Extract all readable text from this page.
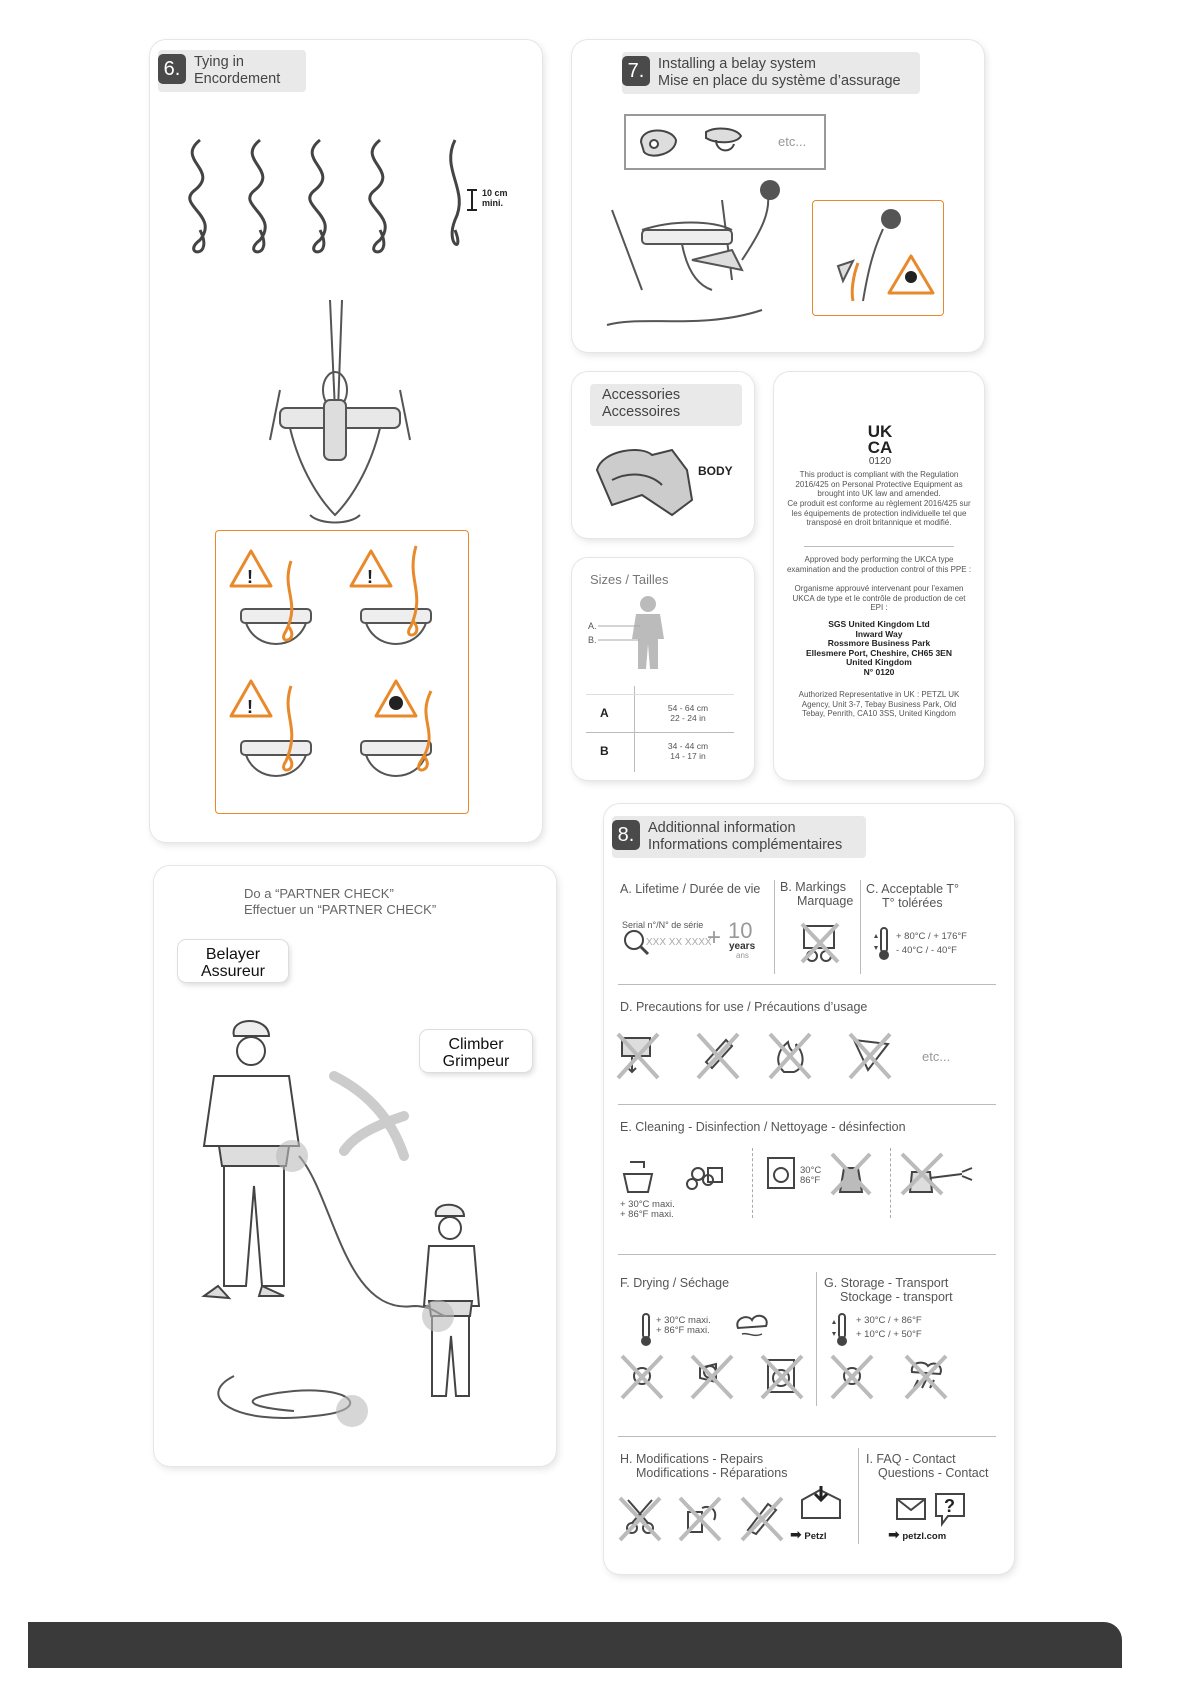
6. Tying in
Encordement
10 cm
mini.
!	!
!
7. Installing a belay system
Mise en place du système d’assurage
etc...
Accessories
Accessoires
BODY
Sizes / Tailles
A.
B.
A	54 - 64 cm
22 - 24 in
B	34 - 44 cm
14 - 17 in
UK
CA
0120
This product is compliant with the Regulation 2016/425 on Personal Protective Equipment as brought into UK law and amended.
Ce produit est conforme au règlement 2016/425 sur les équipements de protection individuelle tel que transposé en droit britannique et modifié.
Approved body performing the UKCA type examination and the production control of this PPE :
Organisme approuvé intervenant pour l’examen UKCA de type et le contrôle de production de cet EPI :
SGS United Kingdom Ltd
Inward Way
Rossmore Business Park
Ellesmere Port, Cheshire, CH65 3EN
United Kingdom
N° 0120
Authorized Representative in UK : PETZL UK Agency, Unit 3-7, Tebay Business Park, Old Tebay, Penrith, CA10 3SS, United Kingdom
Do a “PARTNER CHECK”
Effectuer un “PARTNER CHECK”
Belayer
Assureur
Climber
Grimpeur
8. Additionnal information
Informations complémentaires
A. Lifetime / Durée de vie
Serial n°/N° de série
XXX XX XXXX
+ 10
years
ans
B. Markings
Marquage
C. Acceptable T°
T° tolérées
+ 80°C / + 176°F
- 40°C / - 40°F
D. Precautions for use / Précautions d’usage
etc...
E. Cleaning - Disinfection / Nettoyage - désinfection
+ 30°C maxi.
+ 86°F maxi.
30°C
86°F
F. Drying / Séchage
+ 30°C maxi.
+ 86°F maxi.
G. Storage - Transport
Stockage - transport
+ 30°C / + 86°F
+ 10°C / + 50°F
H. Modifications - Repairs
Modifications - Réparations
➡ Petzl
I. FAQ - Contact
Questions - Contact
?
➡ petzl.com
